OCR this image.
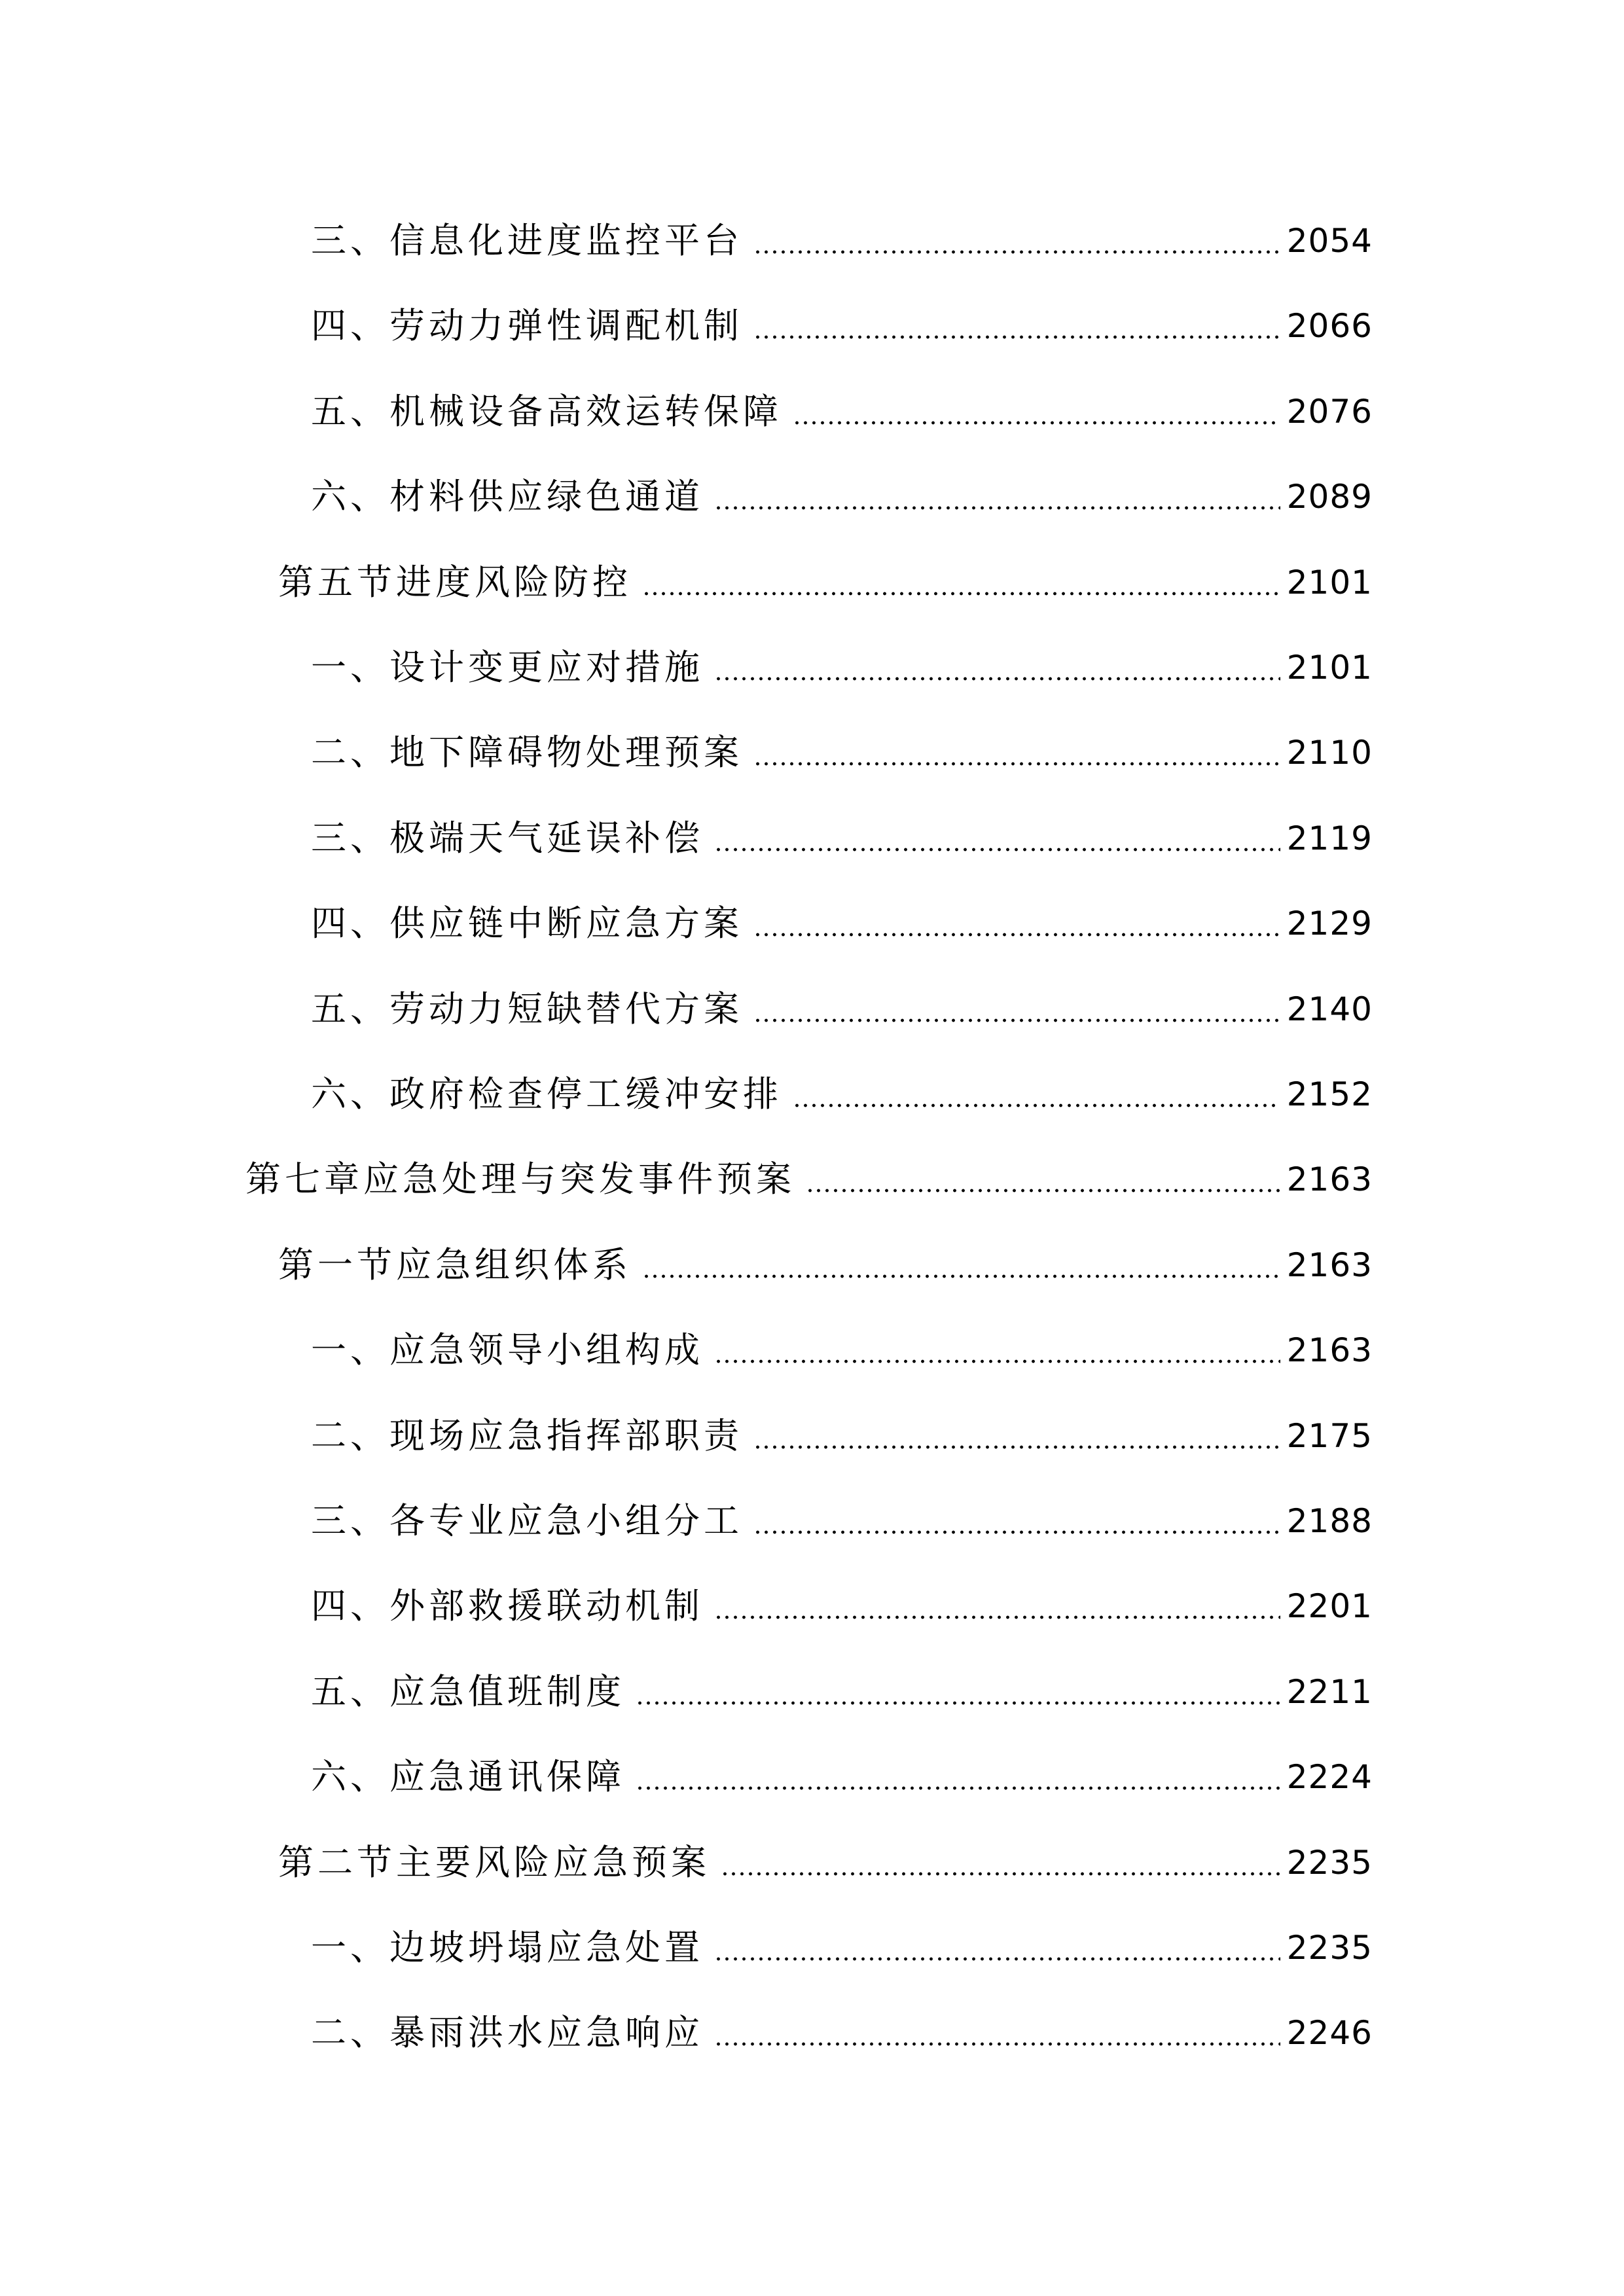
三、信息化进度监控平台	2054
四、劳动力弹性调配机制	2066
五、机械设备高效运转保障	2076
六、材料供应绿色通道	2089
第五节进度风险防控	2101
一、设计变更应对措施	2101
二、地下障碍物处理预案	2110
三、极端天气延误补偿	2119
四、供应链中断应急方案	2129
五、劳动力短缺替代方案	2140
六、政府检查停工缓冲安排	2152
第七章应急处理与突发事件预案	2163
第一节应急组织体系	2163
一、应急领导小组构成	2163
二、现场应急指挥部职责	2175
三、各专业应急小组分工	2188
四、外部救援联动机制	2201
五、应急值班制度	2211
六、应急通讯保障	2224
第二节主要风险应急预案	2235
一、边坡坍塌应急处置	2235
二、暴雨洪水应急响应	2246
